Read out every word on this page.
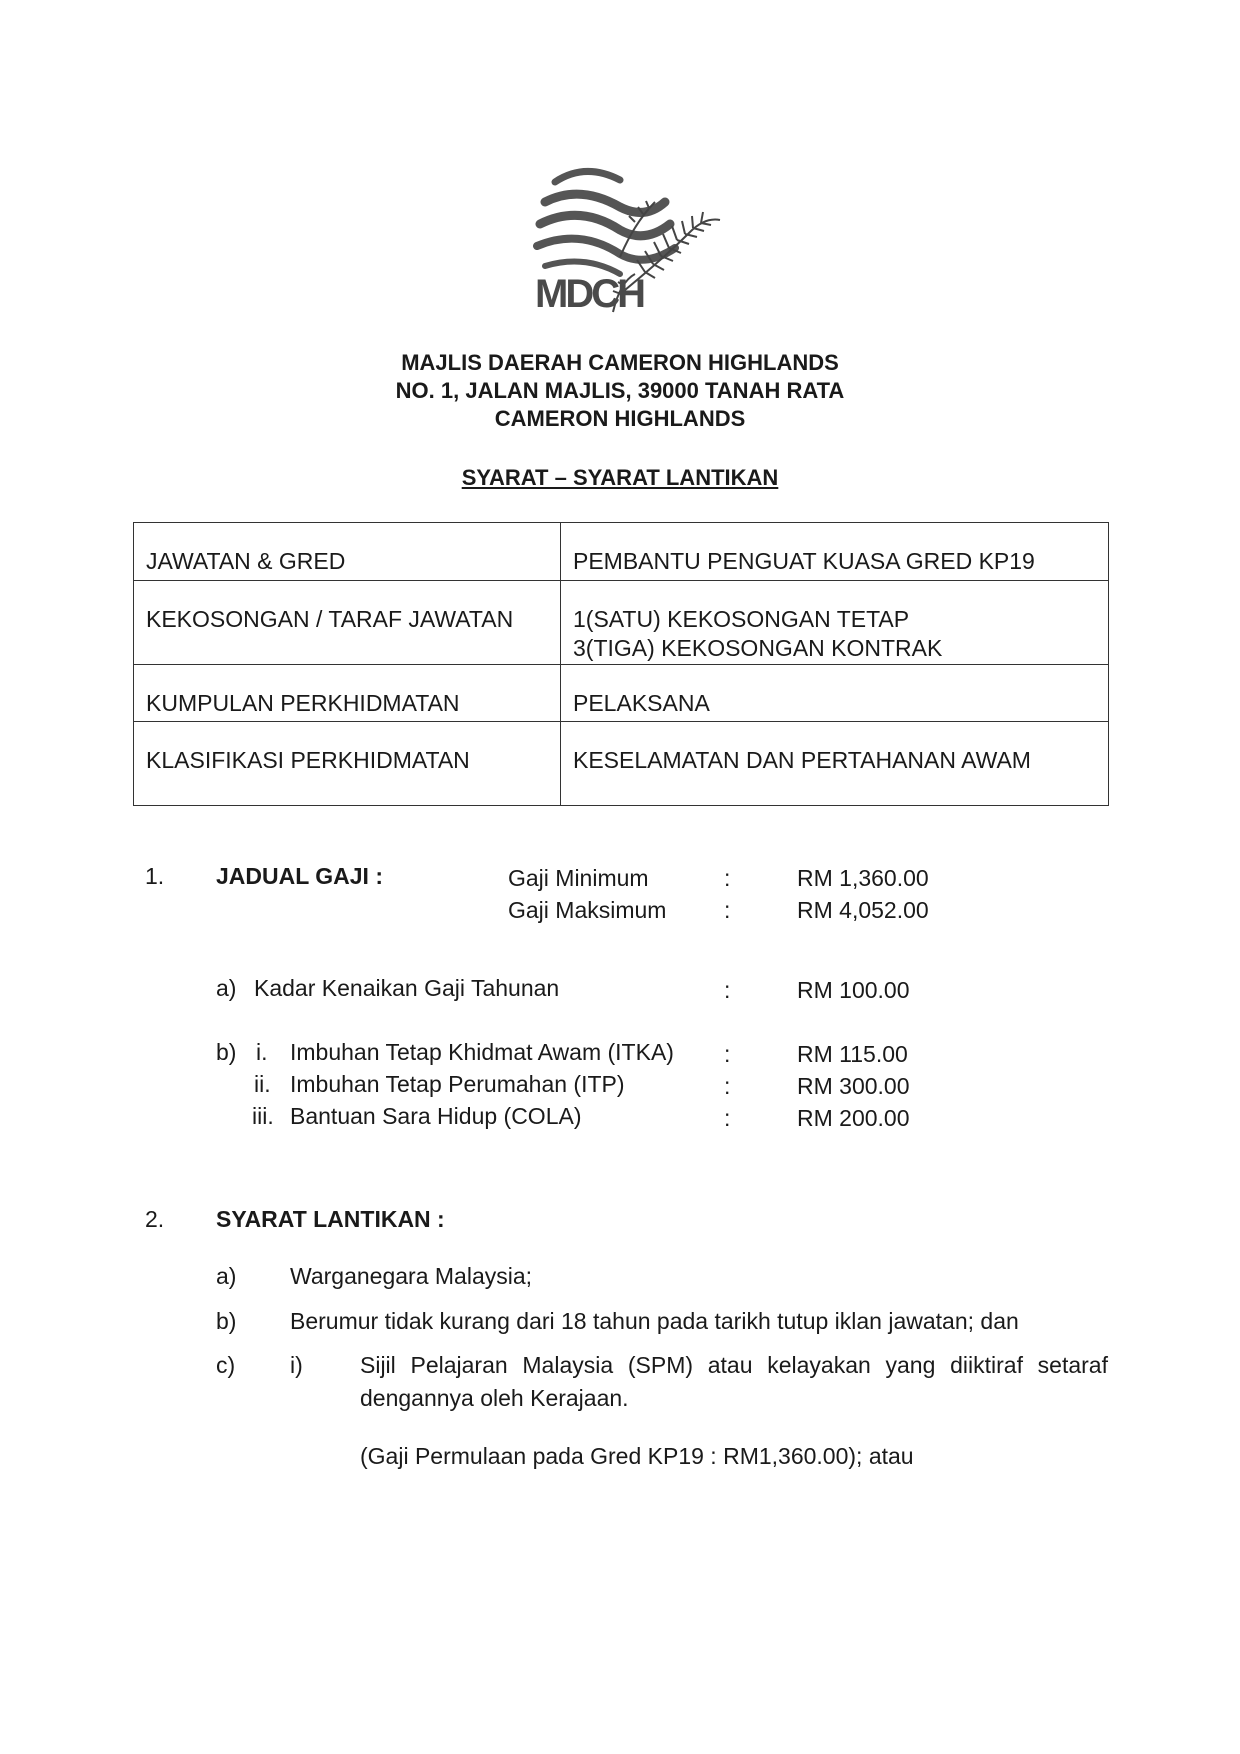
MDCH
MAJLIS DAERAH CAMERON HIGHLANDS
NO. 1, JALAN MAJLIS, 39000 TANAH RATA
CAMERON HIGHLANDS
SYARAT – SYARAT LANTIKAN
JAWATAN & GRED	PEMBANTU PENGUAT KUASA GRED KP19
KEKOSONGAN / TARAF JAWATAN	1(SATU) KEKOSONGAN TETAP
3(TIGA) KEKOSONGAN KONTRAK

KUMPULAN PERKHIDMATAN	PELAKSANA
KLASIFIKASI PERKHIDMATAN	KESELAMATAN DAN PERTAHANAN AWAM
1. JADUAL GAJI :	Gaji Minimum	:	RM 1,360.00
Gaji Maksimum	:	RM 4,052.00
a) Kadar Kenaikan Gaji Tahunan	:	RM 100.00
b) i. Imbuhan Tetap Khidmat Awam (ITKA) :	RM 115.00
ii. Imbuhan Tetap Perumahan (ITP)	:	RM 300.00
iii. Bantuan Sara Hidup (COLA)	:	RM 200.00
2. SYARAT LANTIKAN :
a) Warganegara Malaysia;
b) Berumur tidak kurang dari 18 tahun pada tarikh tutup iklan jawatan; dan
c) i) Sijil Pelajaran Malaysia (SPM) atau kelayakan yang diiktiraf setaraf
dengannya oleh Kerajaan.
(Gaji Permulaan pada Gred KP19 : RM1,360.00); atau
